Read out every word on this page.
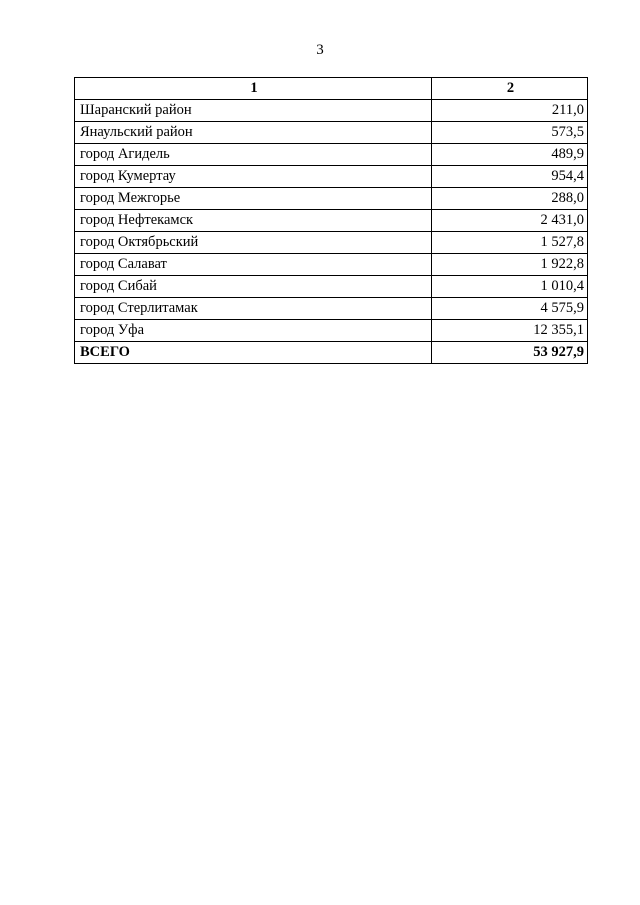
3
1	2
Шаранский район	211,0
Янаульский район	573,5
город Агидель	489,9
город Кумертау	954,4
город Межгорье	288,0
город Нефтекамск	2 431,0
город Октябрьский	1 527,8
город Салават	1 922,8
город Сибай	1 010,4
город Стерлитамак	4 575,9
город Уфа	12 355,1
ВСЕГО	53 927,9
